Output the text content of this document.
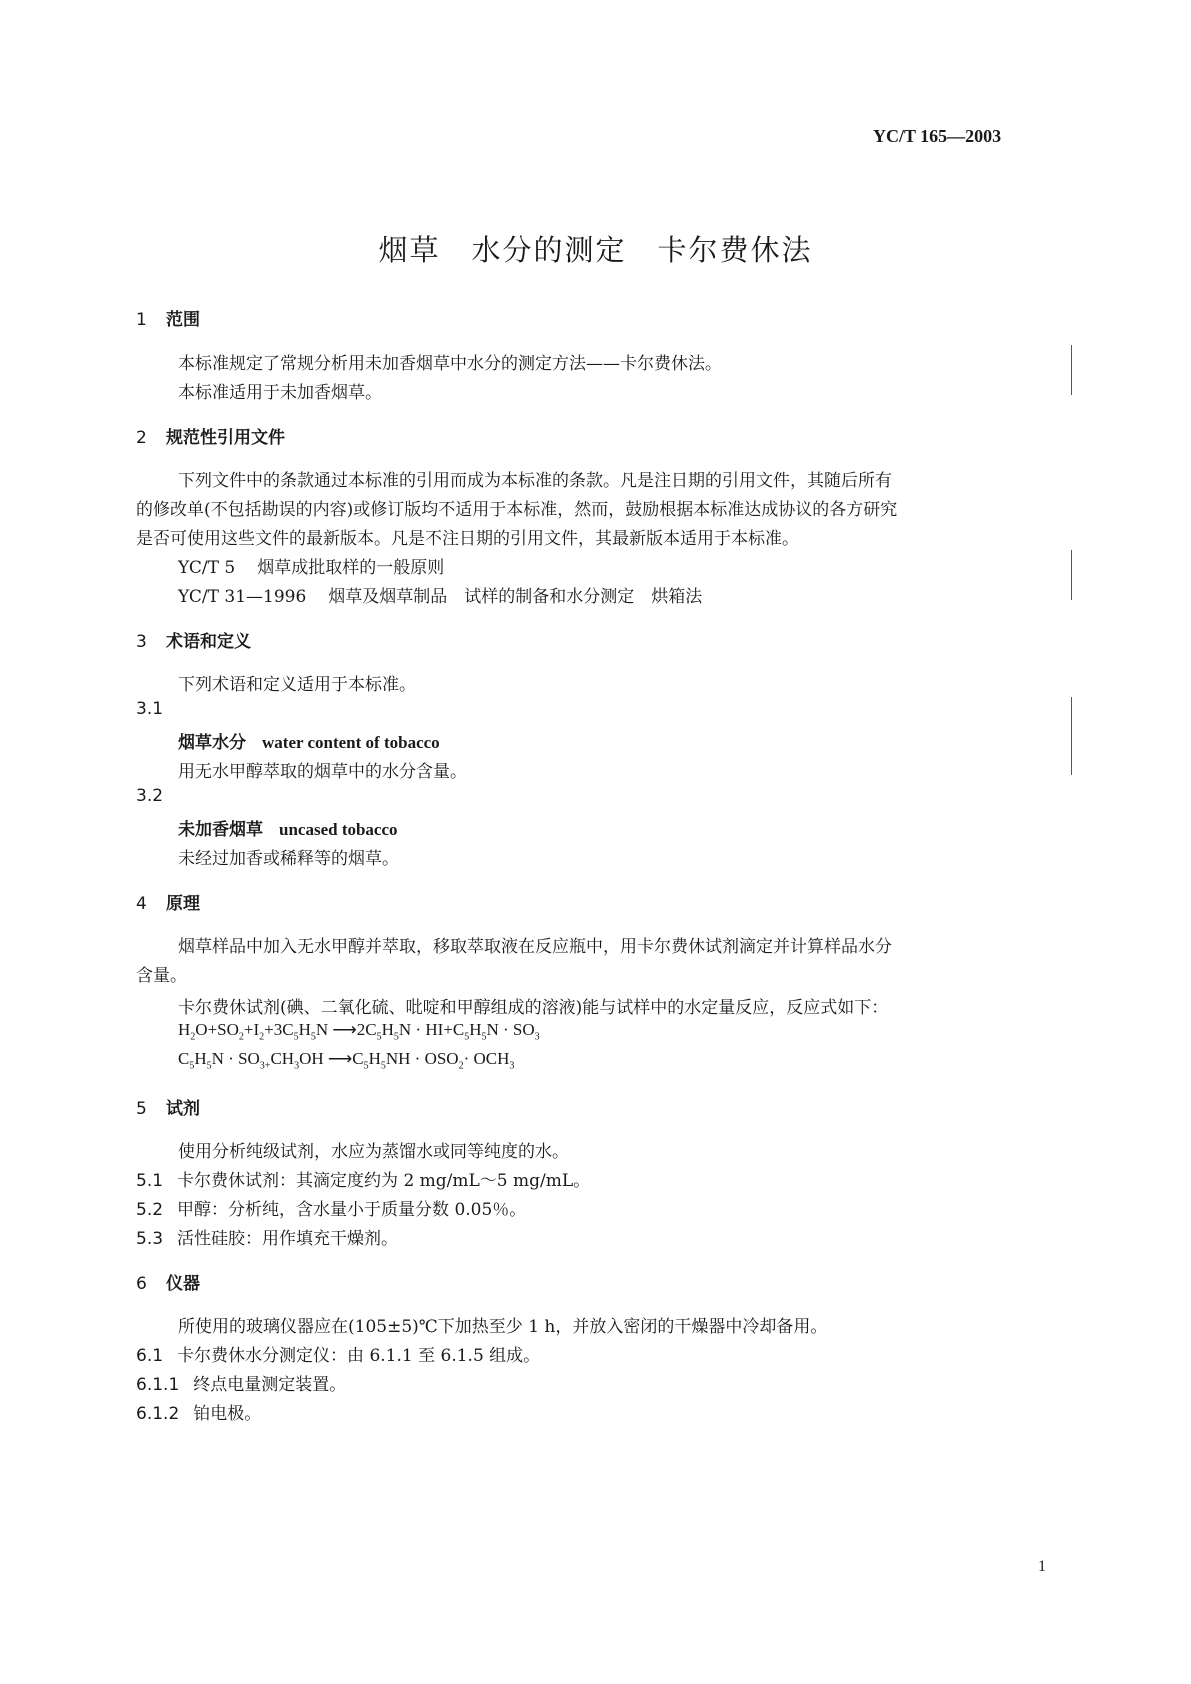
YC/T 165—2003
烟草　水分的测定　卡尔费休法
1 范围
本标准规定了常规分析用未加香烟草中水分的测定方法——卡尔费休法。
本标准适用于未加香烟草。
2 规范性引用文件
下列文件中的条款通过本标准的引用而成为本标准的条款。凡是注日期的引用文件，其随后所有
的修改单(不包括勘误的内容)或修订版均不适用于本标准，然而，鼓励根据本标准达成协议的各方研究
是否可使用这些文件的最新版本。凡是不注日期的引用文件，其最新版本适用于本标准。
YC/T 5 烟草成批取样的一般原则
YC/T 31—1996 烟草及烟草制品　试样的制备和水分测定　烘箱法
3 术语和定义
下列术语和定义适用于本标准。
3.1
烟草水分 water content of tobacco
用无水甲醇萃取的烟草中的水分含量。
3.2
未加香烟草 uncased tobacco
未经过加香或稀释等的烟草。
4 原理
烟草样品中加入无水甲醇并萃取，移取萃取液在反应瓶中，用卡尔费休试剂滴定并计算样品水分
含量。
卡尔费休试剂(碘、二氧化硫、吡啶和甲醇组成的溶液)能与试样中的水定量反应，反应式如下：
$H_2O+SO_2+I_2+3C_5H_5N$ $⟶2C_5H_5N \cdot HI+C_5H_5N \cdot SO_3$
$C_5H_5N \cdot SO_{3+}CH_3OH$ $⟶C_5H_5NH \cdot OSO_2\cdot OCH_3$
5 试剂
使用分析纯级试剂，水应为蒸馏水或同等纯度的水。
5.1 卡尔费休试剂：其滴定度约为 2 mg/mL～5 mg/mL。
5.2 甲醇：分析纯，含水量小于质量分数 0.05％。
5.3 活性硅胶：用作填充干燥剂。
6 仪器
所使用的玻璃仪器应在(105±5)℃下加热至少 1 h，并放入密闭的干燥器中冷却备用。
6.1 卡尔费休水分测定仪：由 6.1.1 至 6.1.5 组成。
6.1.1 终点电量测定装置。
6.1.2 铂电极。
1
